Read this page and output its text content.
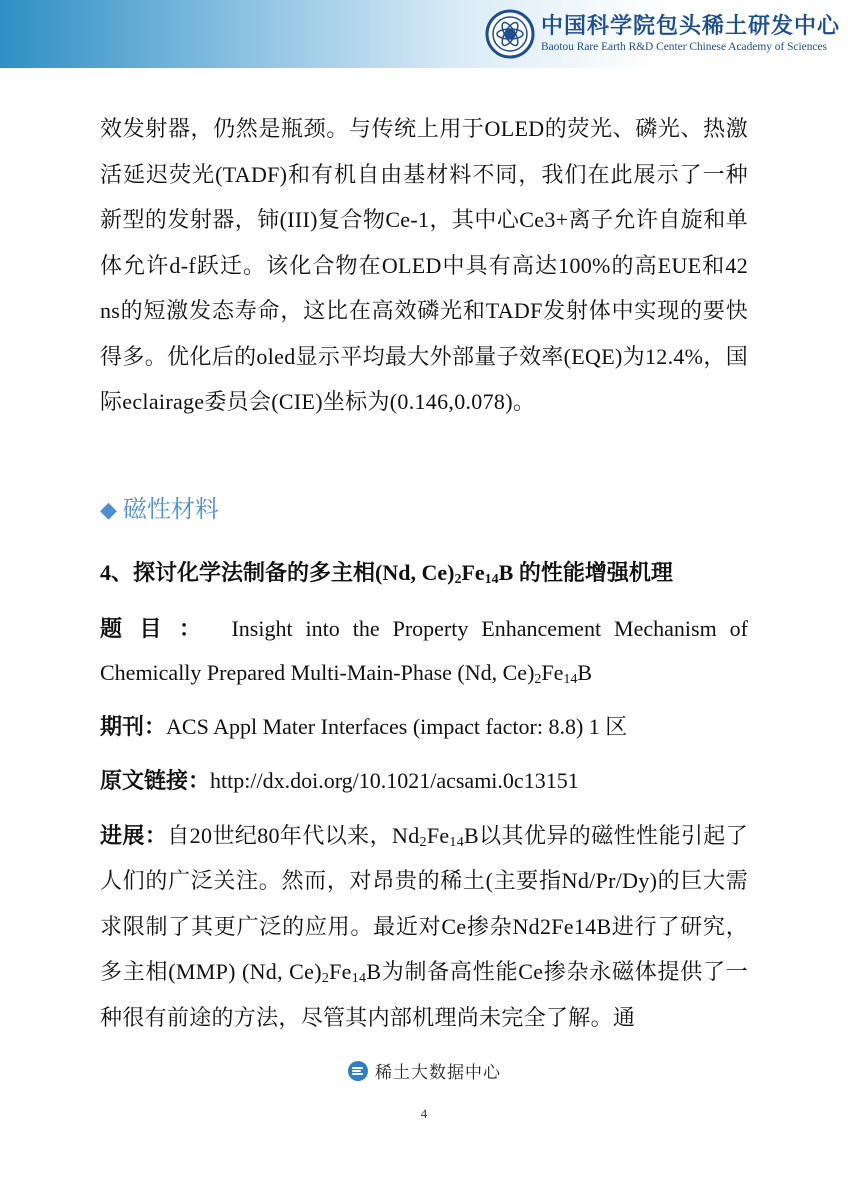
中国科学院包头稀土研发中心
Baotou Rare Earth R&D Center Chinese Academy of Sciences

效发射器，仍然是瓶颈。与传统上用于OLED的荧光、磷光、热激活延迟荧光(TADF)和有机自由基材料不同，我们在此展示了一种新型的发射器，铈(III)复合物Ce-1，其中心Ce3+离子允许自旋和单体允许d-f跃迁。该化合物在OLED中具有高达100%的高EUE和42 ns的短激发态寿命，这比在高效磷光和TADF发射体中实现的要快得多。优化后的oled显示平均最大外部量子效率(EQE)为12.4%，国际eclairage委员会(CIE)坐标为(0.146,0.078)。

◆ 磁性材料
4、探讨化学法制备的多主相(Nd, $Ce)_2Fe_{14}B$ 的性能增强机理

题目： Insight into the Property Enhancement Mechanism of Chemically Prepared Multi-Main-Phase (Nd, $Ce)_2Fe_{14}B$

期刊：ACS Appl Mater Interfaces (impact factor: 8.8) 1 区

原文链接：http://dx.doi.org/10.1021/acsami.0c13151

进展：自20世纪80年代以来，$Nd_2Fe_{14}B$以其优异的磁性性能引起了人们的广泛关注。然而，对昂贵的稀土(主要指Nd/Pr/Dy)的巨大需求限制了其更广泛的应用。最近对Ce掺杂Nd2Fe14B进行了研究，多主相(MMP) (Nd, $Ce)_2Fe_{14}B$为制备高性能Ce掺杂永磁体提供了一种很有前途的方法，尽管其内部机理尚未完全了解。通

稀土大数据中心
4
